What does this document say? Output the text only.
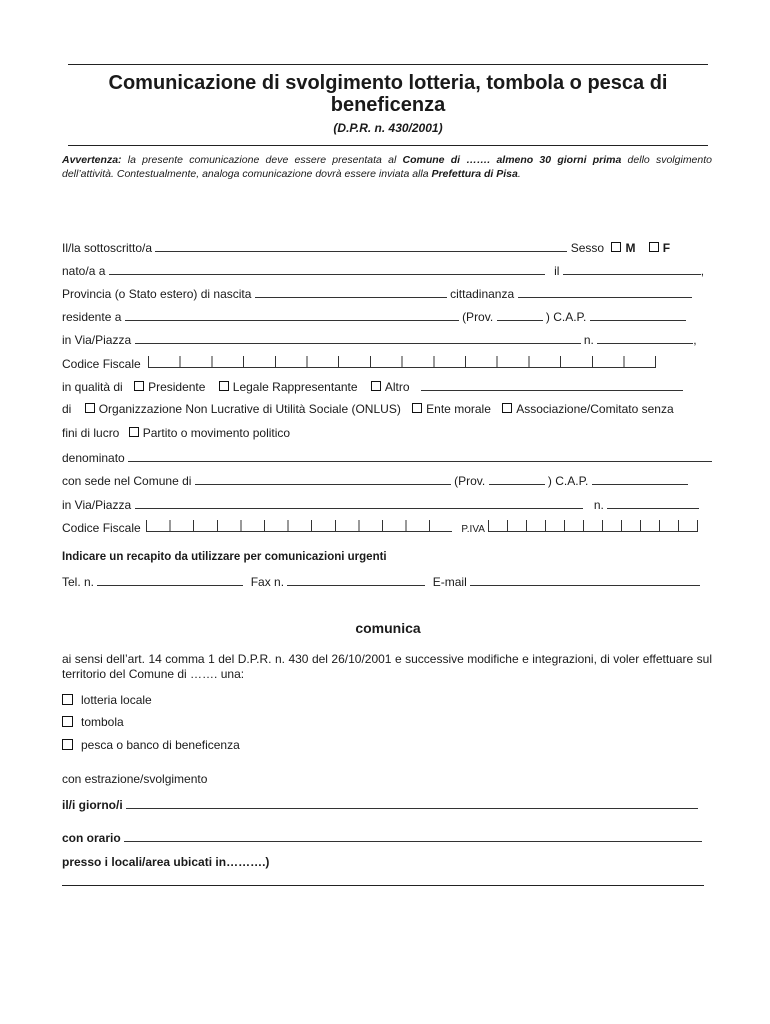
Comunicazione di svolgimento lotteria, tombola o pesca di beneficenza
(D.P.R. n. 430/2001)
Avvertenza: la presente comunicazione deve essere presentata al Comune di ……. almeno 30 giorni prima dello svolgimento dell’attività. Contestualmente, analoga comunicazione dovrà essere inviata alla Prefettura di Pisa.
Il/la sottoscritto/a	Sesso M F
nato/a a	il	,
Provincia (o Stato estero) di nascita	cittadinanza
residente a	(Prov.	) C.A.P.
in Via/Piazza	n.	,
Codice Fiscale
in qualità di Presidente Legale Rappresentante Altro
di Organizzazione Non Lucrative di Utilità Sociale (ONLUS) Ente morale Associazione/Comitato senza
fini di lucro Partito o movimento politico
denominato
con sede nel Comune di	(Prov.	) C.A.P.
in Via/Piazza	n.
Codice Fiscale	P.IVA
Indicare un recapito da utilizzare per comunicazioni urgenti
Tel. n.	Fax n.	E-mail
comunica
ai sensi dell’art. 14 comma 1 del D.P.R. n. 430 del 26/10/2001 e successive modifiche e integrazioni, di voler effettuare sul territorio del Comune di ……. una:
lotteria locale
tombola
pesca o banco di beneficenza
con estrazione/svolgimento
il/i giorno/i
con orario
presso i locali/area ubicati in……….)
